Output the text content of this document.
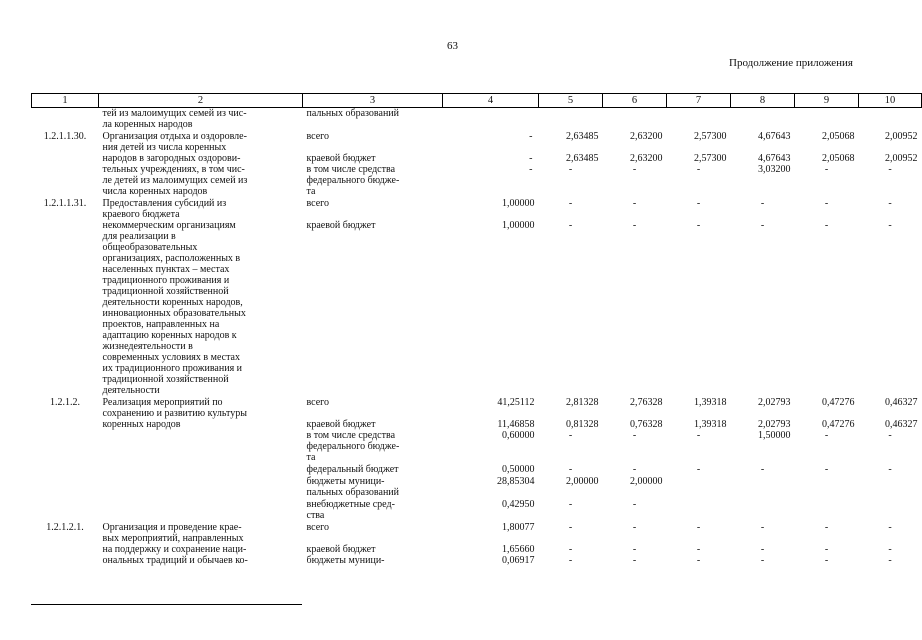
63
Продолжение приложения
1	2	3	4	5	6	7	8	9	10
	тей из малоимущих семей из чис-	пальных образований							
	ла коренных народов								

1.2.1.1.30.	Организация отдыха и оздоровле-	всего	-	2,63485	2,63200	2,57300	4,67643	2,05068	2,00952
	ния детей из числа коренных								
	народов в загородных оздорови-	краевой бюджет	-	2,63485	2,63200	2,57300	4,67643	2,05068	2,00952
	тельных учреждениях, в том чис-	в том числе средства	-	-	-	-	3,03200	-	-
	ле детей из малоимущих семей из	федерального бюдже-							
	числа коренных народов	та							

1.2.1.1.31.	Предоставления субсидий из	всего	1,00000	-	-	-	-	-	-
	краевого бюджета								
	некоммерческим организациям	краевой бюджет	1,00000	-	-	-	-	-	-
	для реализации в								
	общеобразовательных								
	организациях, расположенных в								
	населенных пунктах – местах								
	традиционного проживания и								
	традиционной хозяйственной								
	деятельности коренных народов,								
	инновационных образовательных								
	проектов, направленных на								
	адаптацию коренных народов к								
	жизнедеятельности в								
	современных условиях в местах								
	их традиционного проживания и								
	традиционной хозяйственной								
	деятельности								

1.2.1.2.	Реализация мероприятий по	всего	41,25112	2,81328	2,76328	1,39318	2,02793	0,47276	0,46327
	сохранению и развитию культуры								
	коренных народов	краевой бюджет	11,46858	0,81328	0,76328	1,39318	2,02793	0,47276	0,46327
		в том числе средства	0,60000	-	-	-	1,50000	-	-
		федерального бюдже-							
		та							

		федеральный бюджет	0,50000	-	-	-	-	-	-

		бюджеты муници-	28,85304	2,00000	2,00000				
		пальных образований							

		внебюджетные сред-	0,42950	-	-				
		ства							

1.2.1.2.1.	Организация и проведение крае-	всего	1,80077	-	-	-	-	-	-
	вых мероприятий, направленных								
	на поддержку и сохранение наци-	краевой бюджет	1,65660	-	-	-	-	-	-
	ональных традиций и обычаев ко-	бюджеты муници-	0,06917	-	-	-	-	-	-
